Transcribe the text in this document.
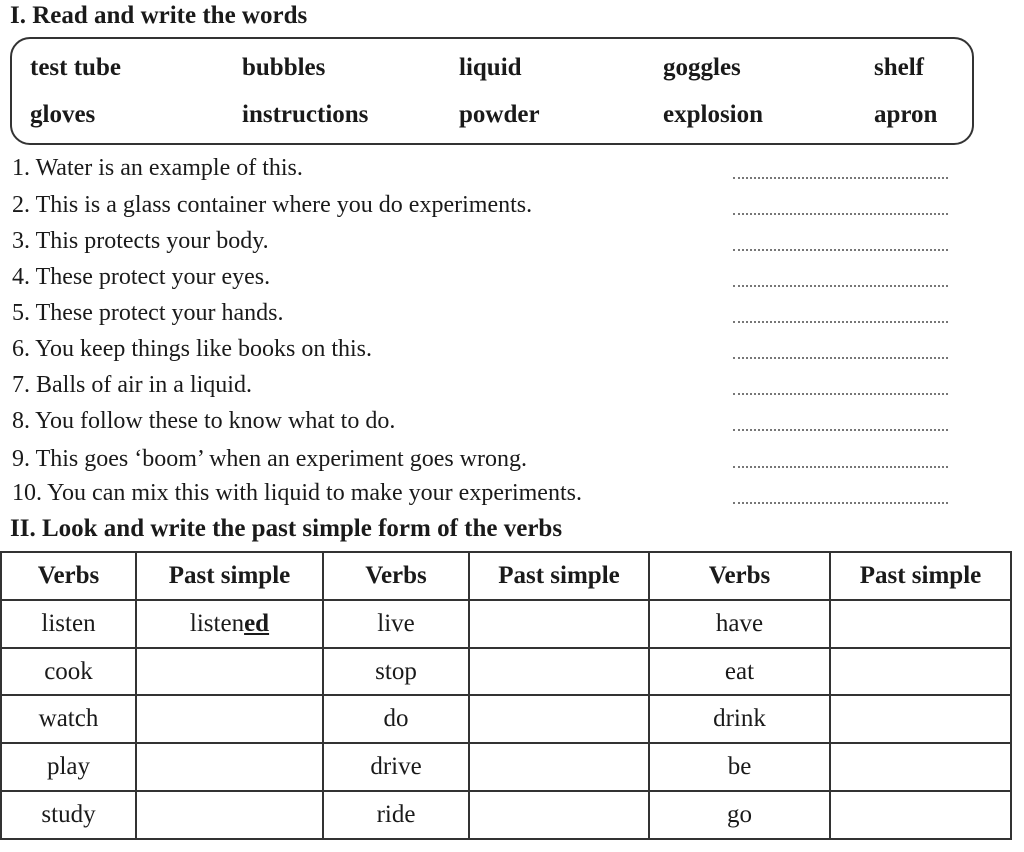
I. Read and write the words
test tube	bubbles	liquid	goggles	shelf
gloves	instructions	powder	explosion	apron
1. Water is an example of this.
2. This is a glass container where you do experiments.
3. This protects your body.
4. These protect your eyes.
5. These protect your hands.
6. You keep things like books on this.
7. Balls of air in a liquid.
8. You follow these to know what to do.
9. This goes ‘boom’ when an experiment goes wrong.
10. You can mix this with liquid to make your experiments.
II. Look and write the past simple form of the verbs
Verbs	Past simple	Verbs	Past simple	Verbs	Past simple
listen	listened	live		have	
cook		stop		eat	
watch		do		drink	
play		drive		be	
study		ride		go	
